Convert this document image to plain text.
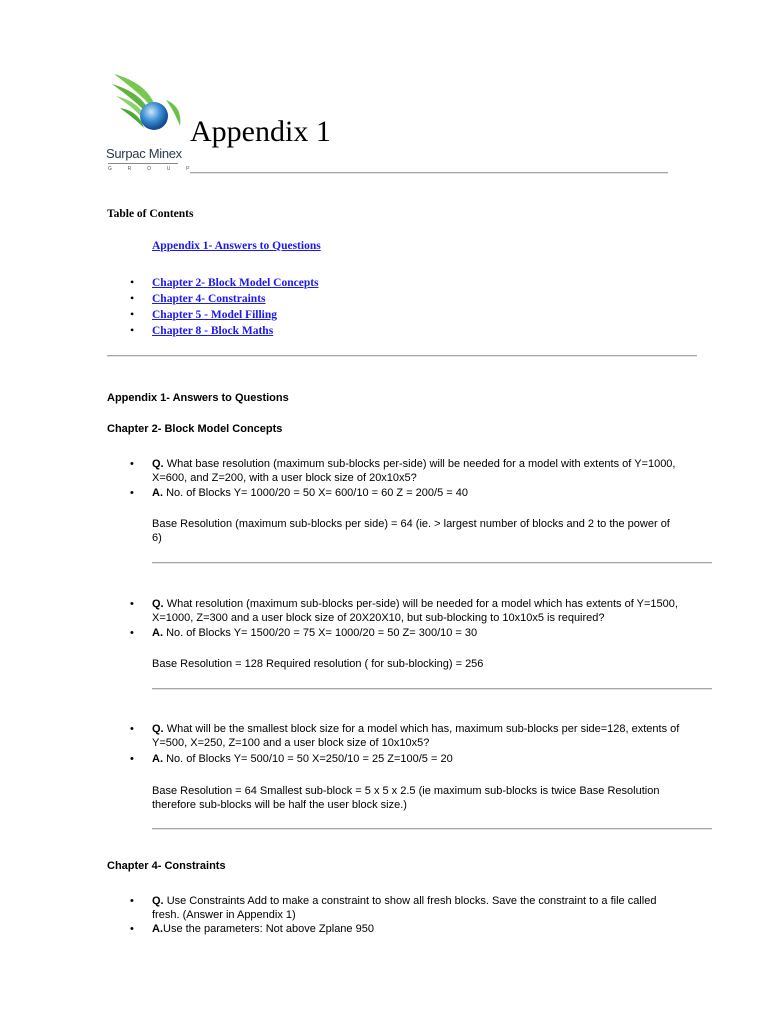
Surpac Minex
G R O U P
Appendix 1
Table of Contents
Appendix 1- Answers to Questions
• Chapter 2- Block Model Concepts
• Chapter 4- Constraints
• Chapter 5 - Model Filling
• Chapter 8 - Block Maths
Appendix 1- Answers to Questions
Chapter 2- Block Model Concepts
• Q. What base resolution (maximum sub-blocks per-side) will be needed for a model with extents of Y=1000,
X=600, and Z=200, with a user block size of 20x10x5?
• A. No. of Blocks Y= 1000/20 = 50 X= 600/10 = 60 Z = 200/5 = 40
Base Resolution (maximum sub-blocks per side) = 64 (ie. > largest number of blocks and 2 to the power of
6)
• Q. What resolution (maximum sub-blocks per-side) will be needed for a model which has extents of Y=1500,
X=1000, Z=300 and a user block size of 20X20X10, but sub-blocking to 10x10x5 is required?
• A. No. of Blocks Y= 1500/20 = 75 X= 1000/20 = 50 Z= 300/10 = 30
Base Resolution = 128 Required resolution ( for sub-blocking) = 256
• Q. What will be the smallest block size for a model which has, maximum sub-blocks per side=128, extents of
Y=500, X=250, Z=100 and a user block size of 10x10x5?
• A. No. of Blocks Y= 500/10 = 50 X=250/10 = 25 Z=100/5 = 20
Base Resolution = 64 Smallest sub-block = 5 x 5 x 2.5 (ie maximum sub-blocks is twice Base Resolution
therefore sub-blocks will be half the user block size.)
Chapter 4- Constraints
• Q. Use Constraints Add to make a constraint to show all fresh blocks. Save the constraint to a file called
fresh. (Answer in Appendix 1)
• A.Use the parameters: Not above Zplane 950
